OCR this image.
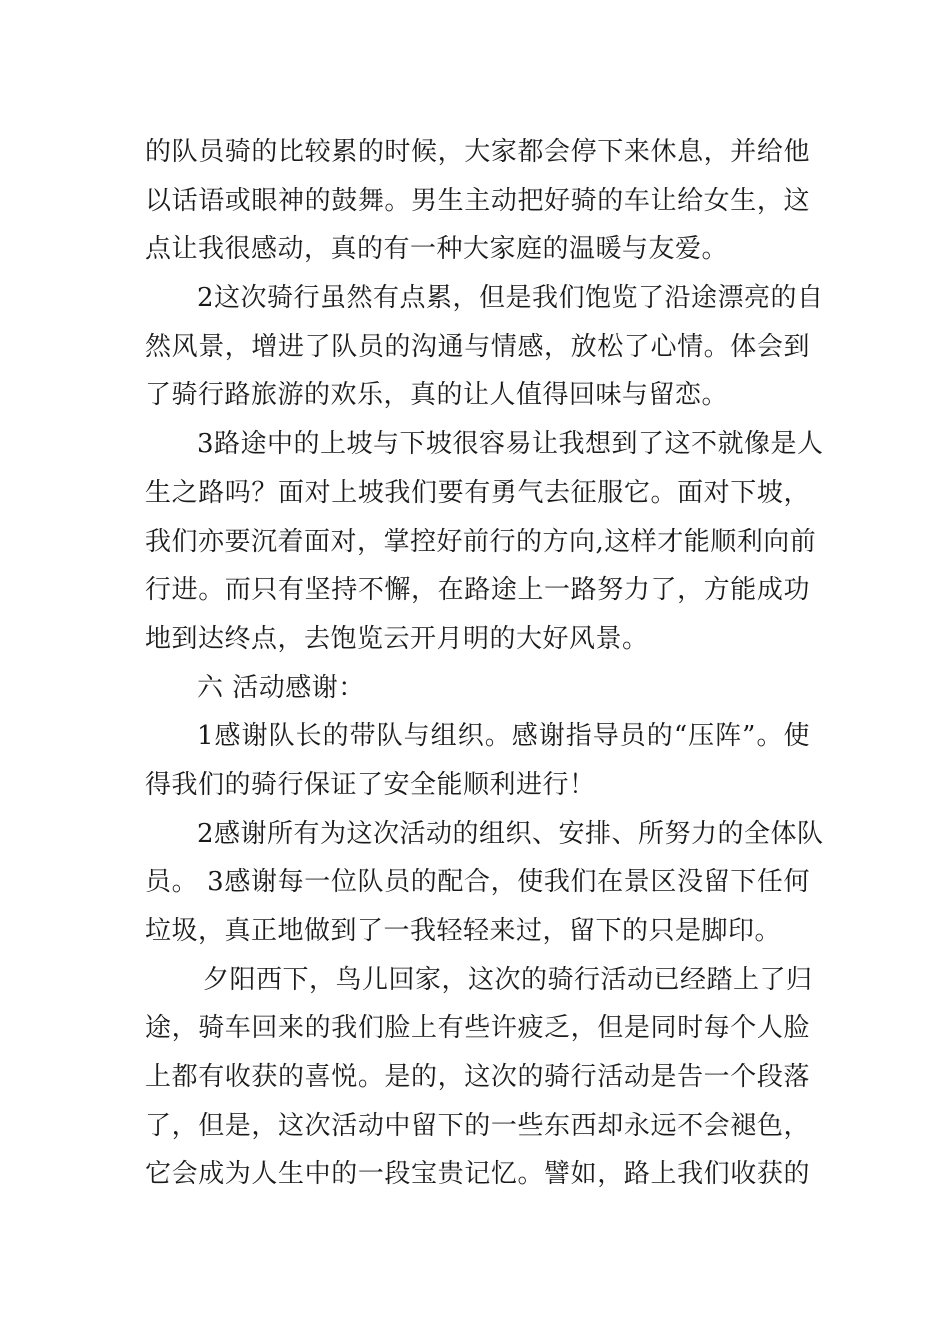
的队员骑的比较累的时候，大家都会停下来休息，并给他
以话语或眼神的鼓舞。男生主动把好骑的车让给女生，这
点让我很感动，真的有一种大家庭的温暖与友爱。
2这次骑行虽然有点累，但是我们饱览了沿途漂亮的自
然风景，增进了队员的沟通与情感，放松了心情。体会到
了骑行路旅游的欢乐，真的让人值得回味与留恋。
3路途中的上坡与下坡很容易让我想到了这不就像是人
生之路吗？面对上坡我们要有勇气去征服它。面对下坡，
我们亦要沉着面对，掌控好前行的方向,这样才能顺利向前
行进。而只有坚持不懈，在路途上一路努力了，方能成功
地到达终点，去饱览云开月明的大好风景。
六 活动感谢：
1感谢队长的带队与组织。感谢指导员的“压阵”。使
得我们的骑行保证了安全能顺利进行！
2感谢所有为这次活动的组织、安排、所努力的全体队
员。 3感谢每一位队员的配合，使我们在景区没留下任何
垃圾，真正地做到了一我轻轻来过，留下的只是脚印。
夕阳西下，鸟儿回家，这次的骑行活动已经踏上了归
途，骑车回来的我们脸上有些许疲乏，但是同时每个人脸
上都有收获的喜悦。是的，这次的骑行活动是告一个段落
了，但是，这次活动中留下的一些东西却永远不会褪色，
它会成为人生中的一段宝贵记忆。譬如，路上我们收获的
